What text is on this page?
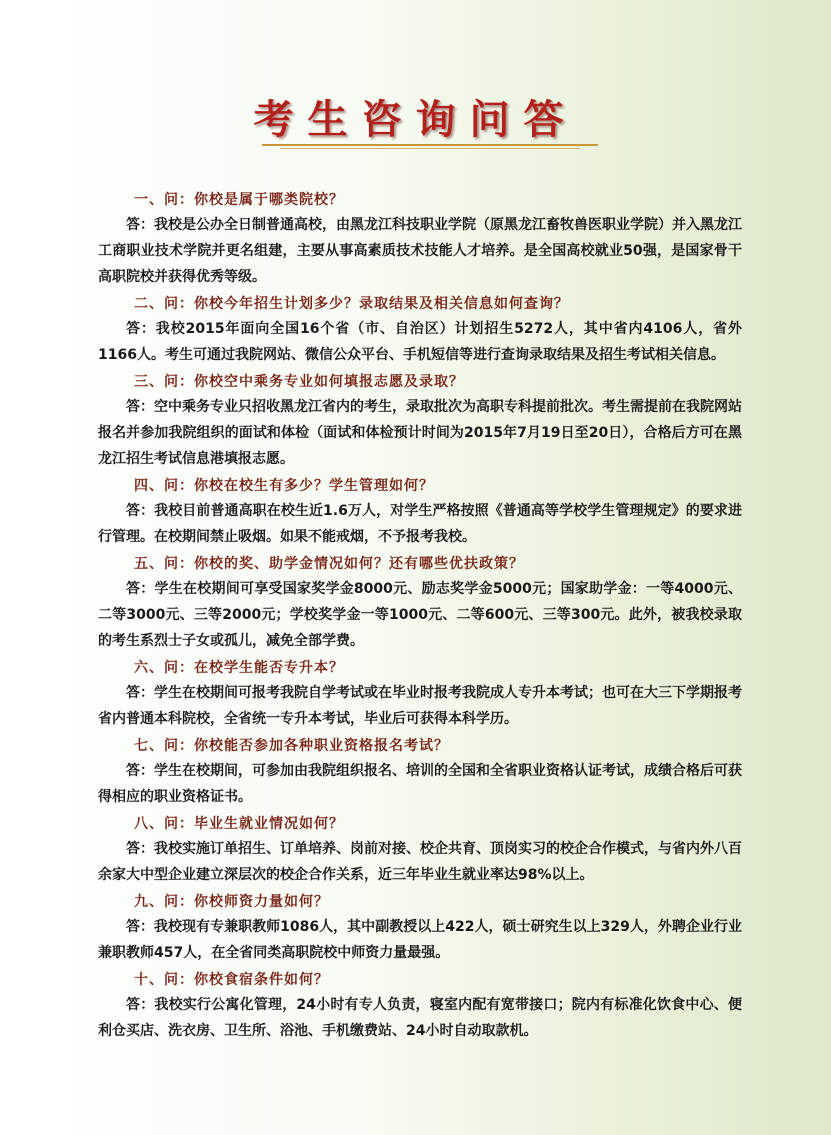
考生咨询问答
一、问：你校是属于哪类院校？
答：我校是公办全日制普通高校，由黑龙江科技职业学院（原黑龙江畜牧兽医职业学院）并入黑龙江工商职业技术学院并更名组建，主要从事高素质技术技能人才培养。是全国高校就业50强，是国家骨干高职院校并获得优秀等级。
二、问：你校今年招生计划多少？录取结果及相关信息如何查询？
答：我校2015年面向全国16个省（市、自治区）计划招生5272人，其中省内4106人，省外1166人。考生可通过我院网站、微信公众平台、手机短信等进行查询录取结果及招生考试相关信息。
三、问：你校空中乘务专业如何填报志愿及录取？
答：空中乘务专业只招收黑龙江省内的考生，录取批次为高职专科提前批次。考生需提前在我院网站报名并参加我院组织的面试和体检（面试和体检预计时间为2015年7月19日至20日），合格后方可在黑龙江招生考试信息港填报志愿。
四、问：你校在校生有多少？学生管理如何？
答：我校目前普通高职在校生近1.6万人，对学生严格按照《普通高等学校学生管理规定》的要求进行管理。在校期间禁止吸烟。如果不能戒烟，不予报考我校。
五、问：你校的奖、助学金情况如何？还有哪些优扶政策？
答：学生在校期间可享受国家奖学金8000元、励志奖学金5000元；国家助学金：一等4000元、二等3000元、三等2000元；学校奖学金一等1000元、二等600元、三等300元。此外，被我校录取的考生系烈士子女或孤儿，减免全部学费。
六、问：在校学生能否专升本？
答：学生在校期间可报考我院自学考试或在毕业时报考我院成人专升本考试；也可在大三下学期报考省内普通本科院校，全省统一专升本考试，毕业后可获得本科学历。
七、问：你校能否参加各种职业资格报名考试？
答：学生在校期间，可参加由我院组织报名、培训的全国和全省职业资格认证考试，成绩合格后可获得相应的职业资格证书。
八、问：毕业生就业情况如何？
答：我校实施订单招生、订单培养、岗前对接、校企共育、顶岗实习的校企合作模式，与省内外八百余家大中型企业建立深层次的校企合作关系，近三年毕业生就业率达98%以上。
九、问：你校师资力量如何？
答：我校现有专兼职教师1086人，其中副教授以上422人，硕士研究生以上329人，外聘企业行业兼职教师457人，在全省同类高职院校中师资力量最强。
十、问：你校食宿条件如何？
答：我校实行公寓化管理，24小时有专人负责，寝室内配有宽带接口；院内有标准化饮食中心、便利仓买店、洗衣房、卫生所、浴池、手机缴费站、24小时自动取款机。
